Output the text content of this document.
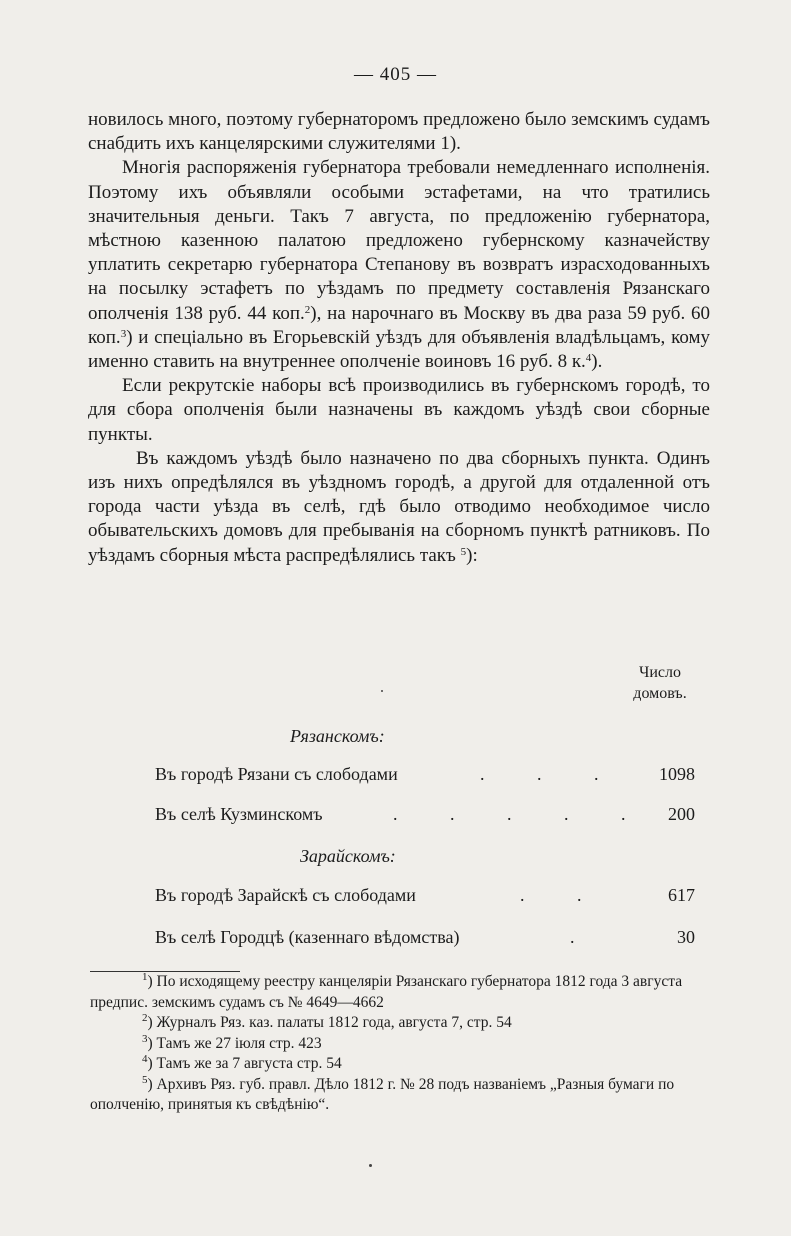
— 405 —

новилось много, поэтому губернаторомъ предложено было земскимъ судамъ снабдить ихъ канцелярскими служителями 1).

Многія распоряженія губернатора требовали немедленнаго исполненія. Поэтому ихъ объявляли особыми эстафетами, на что тратились значительныя деньги. Такъ 7 августа, по предложенію губернатора, мѣстною казенною палатою предложено губернскому казначейству уплатить секретарю губернатора Степанову въ возвратъ израсходованныхъ на посылку эстафетъ по уѣздамъ по предмету составленія Рязанскаго ополченія 138 руб. 44 коп.$^2$), на нарочнаго въ Москву въ два раза 59 руб. 60 коп.$^3$) и спеціально въ Егорьевскій уѣздъ для объявленія владѣльцамъ, кому именно ставить на внутреннее ополченіе воиновъ 16 руб. 8 к.$^4$).

Если рекрутскіе наборы всѣ производились въ губернскомъ городѣ, то для сбора ополченія были назначены въ каждомъ уѣздѣ свои сборные пункты.

Въ каждомъ уѣздѣ было назначено по два сборныхъ пункта. Одинъ изъ нихъ опредѣлялся въ уѣздномъ городѣ, а другой для отдаленной отъ города части уѣзда въ селѣ, гдѣ было отводимо необходимое число обывательскихъ домовъ для пребыванія на сборномъ пунктѣ ратниковъ. По уѣздамъ сборныя мѣста распредѣлялись такъ $^5$):

Число
домовъ.
Рязанскомъ:
Въ городѣ Рязани съ слободами	. . .	1098
Въ селѣ Кузминскомъ	. . . . .	200
Зарайскомъ:
Въ городѣ Зарайскѣ съ слободами	. .	617
Въ селѣ Городцѣ (казеннаго вѣдомства)	.	30

$^1$) По исходящему реестру канцеляріи Рязанскаго губернатора 1812 года 3 августа предпис. земскимъ судамъ съ № 4649—4662

$^2$) Журналъ Ряз. каз. палаты 1812 года, августа 7, стр. 54

$^3$) Тамъ же 27 іюля стр. 423

$^4$) Тамъ же за 7 августа стр. 54

$^5$) Архивъ Ряз. губ. правл. Дѣло 1812 г. № 28 подъ названіемъ „Разныя бумаги по ополченію, принятыя къ свѣдѣнію“.
